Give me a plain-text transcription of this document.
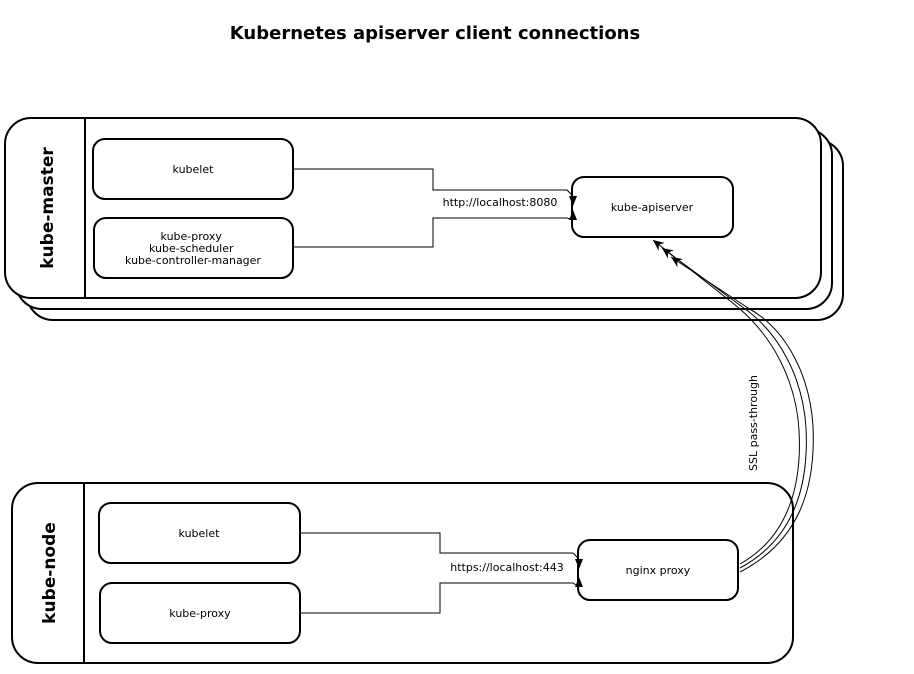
Kubernetes apiserver client connections
kube-master	kubelet
kube-proxy kube-scheduler kube-controller-manager
kube-apiserver
http://localhost:8080
kube-node	kubelet
kube-proxy
nginx proxy
https://localhost:443
SSL pass-through
